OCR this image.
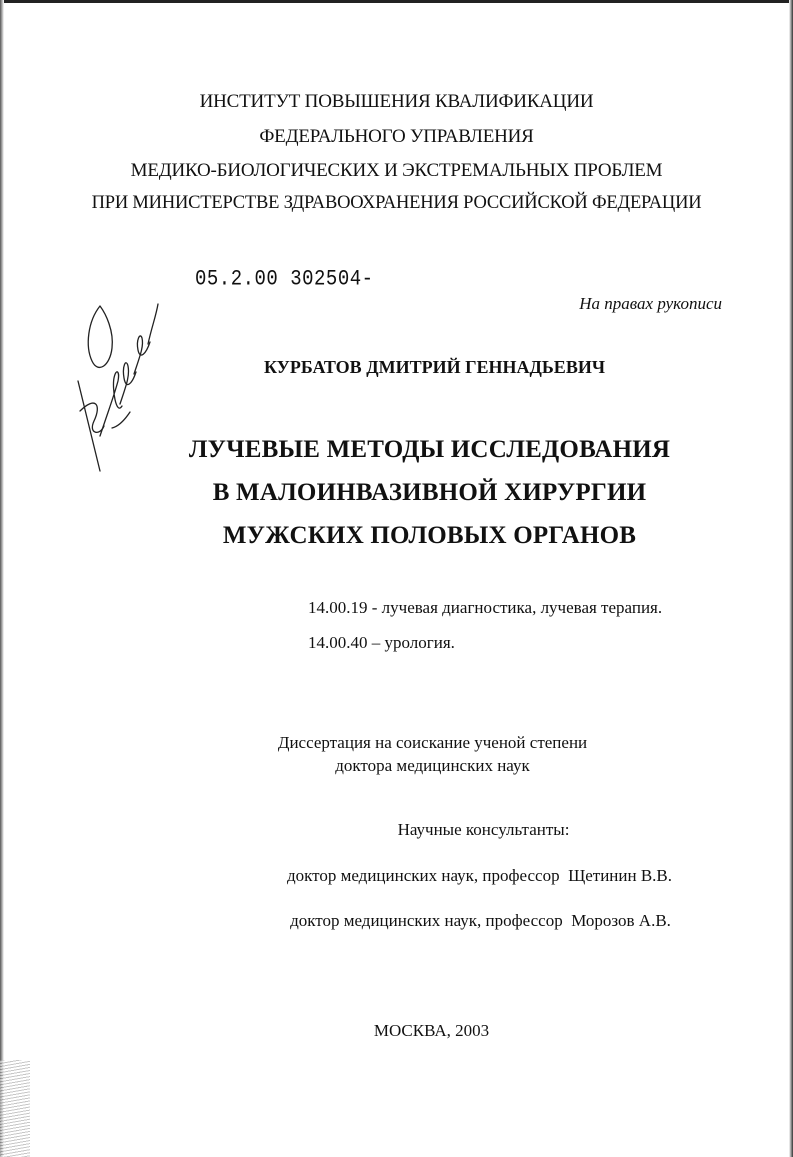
ИНСТИТУТ ПОВЫШЕНИЯ КВАЛИФИКАЦИИ
ФЕДЕРАЛЬНОГО УПРАВЛЕНИЯ
МЕДИКО-БИОЛОГИЧЕСКИХ И ЭКСТРЕМАЛЬНЫХ ПРОБЛЕМ
ПРИ МИНИСТЕРСТВЕ ЗДРАВООХРАНЕНИЯ РОССИЙСКОЙ ФЕДЕРАЦИИ
05.2.00 302504-
На правах рукописи
КУРБАТОВ ДМИТРИЙ ГЕННАДЬЕВИЧ
ЛУЧЕВЫЕ МЕТОДЫ ИССЛЕДОВАНИЯ
В МАЛОИНВАЗИВНОЙ ХИРУРГИИ
МУЖСКИХ ПОЛОВЫХ ОРГАНОВ
14.00.19 - лучевая диагностика, лучевая терапия.
14.00.40 – урология.
Диссертация на соискание ученой степени
доктора медицинских наук
Научные консультанты:
доктор медицинских наук, профессор  Щетинин В.В.
доктор медицинских наук, профессор  Морозов А.В.
МОСКВА, 2003
